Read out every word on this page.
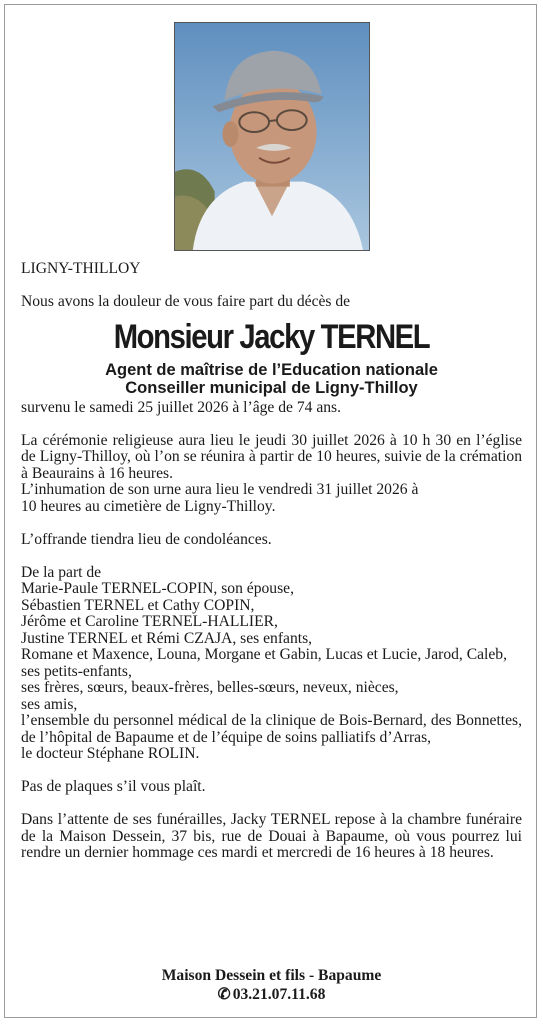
LIGNY-THILLOY

Nous avons la douleur de vous faire part du décès de

Monsieur Jacky TERNEL
Agent de maîtrise de l’Education nationale
Conseiller municipal de Ligny-Thilloy

survenu le samedi 25 juillet 2026 à l’âge de 74 ans.

La cérémonie religieuse aura lieu le jeudi 30 juillet 2026 à 10 h 30 en l’église de Ligny-Thilloy, où l’on se réunira à partir de 10 heures, suivie de la crémation à Beaurains à 16 heures.

L’inhumation de son urne aura lieu le vendredi 31 juillet 2026 à

10 heures au cimetière de Ligny-Thilloy.

L’offrande tiendra lieu de condoléances.

De la part de

Marie-Paule TERNEL-COPIN, son épouse,

Sébastien TERNEL et Cathy COPIN,

Jérôme et Caroline TERNEL-HALLIER,

Justine TERNEL et Rémi CZAJA, ses enfants,

Romane et Maxence, Louna, Morgane et Gabin, Lucas et Lucie, Jarod, Caleb,

ses petits-enfants,

ses frères, sœurs, beaux-frères, belles-sœurs, neveux, nièces,

ses amis,

l’ensemble du personnel médical de la clinique de Bois-Bernard, des Bonnettes, de l’hôpital de Bapaume et de l’équipe de soins palliatifs d’Arras,

le docteur Stéphane ROLIN.

Pas de plaques s’il vous plaît.

Dans l’attente de ses funérailles, Jacky TERNEL repose à la chambre funéraire de la Maison Dessein, 37 bis, rue de Douai à Bapaume, où vous pourrez lui rendre un dernier hommage ces mardi et mercredi de 16 heures à 18 heures.

Maison Dessein et fils - Bapaume
✆ 03.21.07.11.68
